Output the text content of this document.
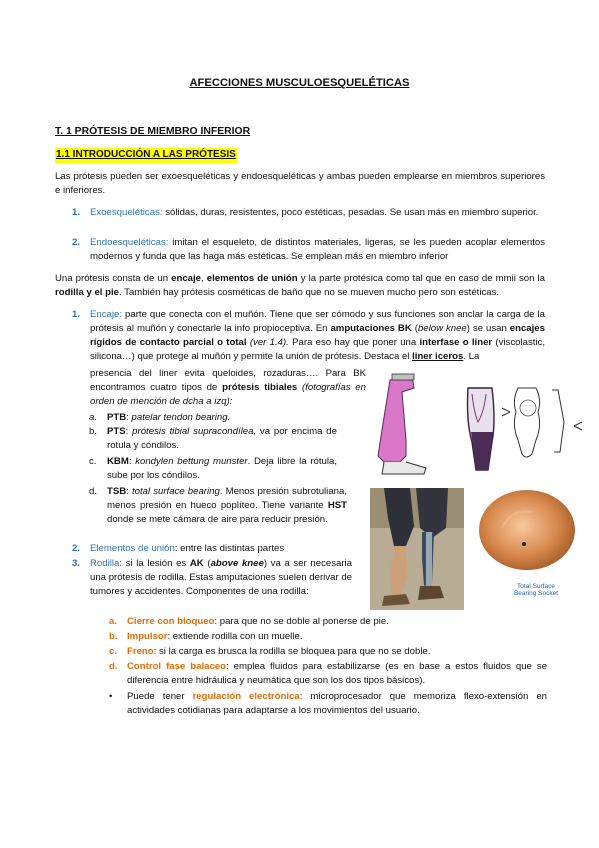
AFECCIONES MUSCULOESQUELÉTICAS
T. 1 PRÓTESIS DE MIEMBRO INFERIOR
1.1 INTRODUCCIÓN A LAS PRÓTESIS
Las prótesis pueden ser exoesqueléticas y endoesqueléticas y ambas pueden emplearse en miembros superiores e inferiores.
1. Exoesqueléticas: sólidas, duras, resistentes, poco estéticas, pesadas. Se usan más en miembro superior.
2. Endoesqueléticas: imitan el esqueleto, de distintos materiales, ligeras, se les pueden acoplar elementos modernos y funda que las haga más estéticas. Se emplean más en miembro inferior
Una prótesis consta de un encaje, elementos de unión y la parte protésica como tal que en caso de mmii son la rodilla y el pie. También hay prótesis cosméticas de baño que no se mueven mucho pero son estéticas.
1. Encaje: parte que conecta con el muñón. Tiene que ser cómodo y sus funciones son anclar la carga de la prótesis al muñón y conectarle la info propioceptiva. En amputaciones BK (below knee) se usan encajes rígidos de contacto parcial o total (ver 1.4). Para eso hay que poner una interfase o liner (viscolastic, silicona…) que protege al muñón y permite la unión de prótesis. Destaca el liner iceros. La
presencia del liner evita queloides, rozaduras…. Para BK encontramos cuatro tipos de prótesis tibiales (fotografías en orden de mención de dcha a izq):
a. PTB: patelar tendon bearing.
b. PTS: prótesis tibial supracondílea, va por encima de rotula y cóndilos.
c. KBM: kondylen bettung munster. Deja libre la rótula, sube por los cóndilos.
d. TSB: total surface bearing. Menos presión subrotuliana, menos presión en hueco poplíteo. Tiene variante HST donde se mete cámara de aire para reducir presión.
2. Elementos de unión: entre las distintas partes
3. Rodilla: si la lesión es AK (above knee) va a ser necesaria una prótesis de rodilla. Estas amputaciones suelen derivar de tumores y accidentes. Componentes de una rodilla:
a. Cierre con bloqueo: para que no se doble al ponerse de pie.
b. Impulsor: extiende rodilla con un muelle.
c. Freno: si la carga es brusca la rodilla se bloquea para que no se doble.
d. Control fase balaceo: emplea fluidos para estabilizarse (es en base a estos fluidos que se diferencia entre hidráulica y neumática que son los dos tipos básicos).
• Puede tener regulación electrónica: microprocesador que memoriza flexo-extensión en actividades cotidianas para adaptarse a los movimientos del usuario.
Total Surface
Bearing Socket
